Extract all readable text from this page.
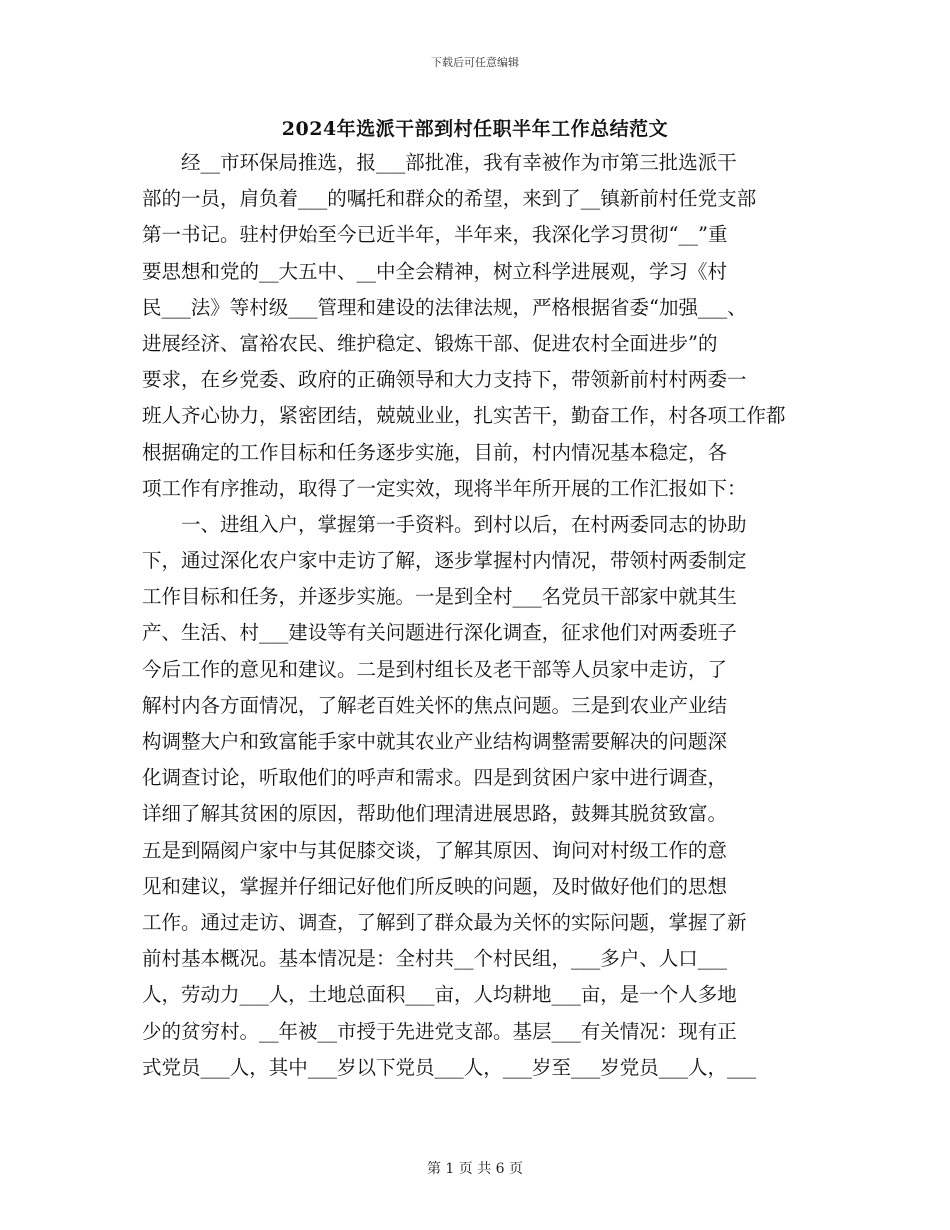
下载后可任意编辑
2024年选派干部到村任职半年工作总结范文
　　经__市环保局推选，报___部批准，我有幸被作为市第三批选派干
部的一员，肩负着___的嘱托和群众的希望，来到了__镇新前村任党支部
第一书记。驻村伊始至今已近半年，半年来，我深化学习贯彻“__”重
要思想和党的__大五中、__中全会精神，树立科学进展观，学习《村
民___法》等村级___管理和建设的法律法规，严格根据省委“加强___、
进展经济、富裕农民、维护稳定、锻炼干部、促进农村全面进步”的
要求，在乡党委、政府的正确领导和大力支持下，带领新前村村两委一
班人齐心协力，紧密团结，兢兢业业，扎实苦干，勤奋工作，村各项工作都
根据确定的工作目标和任务逐步实施，目前，村内情况基本稳定，各
项工作有序推动，取得了一定实效，现将半年所开展的工作汇报如下：
　　一、进组入户，掌握第一手资料。到村以后，在村两委同志的协助
下，通过深化农户家中走访了解，逐步掌握村内情况，带领村两委制定
工作目标和任务，并逐步实施。一是到全村___名党员干部家中就其生
产、生活、村___建设等有关问题进行深化调查，征求他们对两委班子
今后工作的意见和建议。二是到村组长及老干部等人员家中走访，了
解村内各方面情况，了解老百姓关怀的焦点问题。三是到农业产业结
构调整大户和致富能手家中就其农业产业结构调整需要解决的问题深
化调查讨论，听取他们的呼声和需求。四是到贫困户家中进行调查，
详细了解其贫困的原因，帮助他们理清进展思路，鼓舞其脱贫致富。
五是到隔阂户家中与其促膝交谈，了解其原因、询问对村级工作的意
见和建议，掌握并仔细记好他们所反映的问题，及时做好他们的思想
工作。通过走访、调查，了解到了群众最为关怀的实际问题，掌握了新
前村基本概况。基本情况是：全村共__个村民组，___多户、人口___
人，劳动力___人，土地总面积___亩，人均耕地___亩，是一个人多地
少的贫穷村。__年被__市授于先进党支部。基层___有关情况：现有正
式党员___人，其中___岁以下党员___人，___岁至___岁党员___人，___
第 1 页 共 6 页
